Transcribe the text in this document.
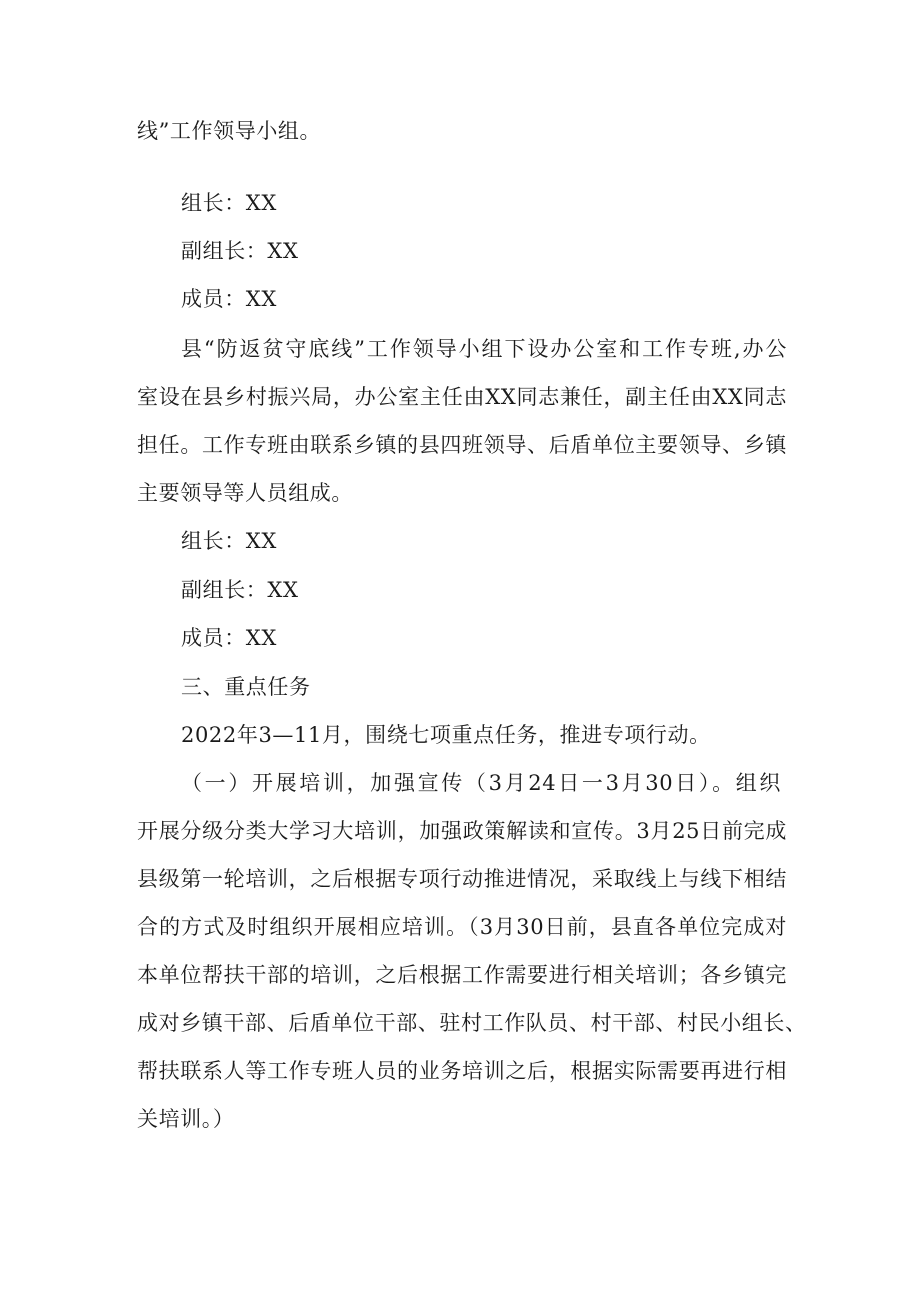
线”工作领导小组。
组长：XX
副组长：XX
成员：XX
县“防返贫守底线”工作领导小组下设办公室和工作专班,办公
室设在县乡村振兴局，办公室主任由XX同志兼任，副主任由XX同志
担任。工作专班由联系乡镇的县四班领导、后盾单位主要领导、乡镇
主要领导等人员组成。
组长：XX
副组长：XX
成员：XX
三、重点任务
2022年3—11月，围绕七项重点任务，推进专项行动。
（一）开展培训，加强宣传（3月24日一3月30日）。组织
开展分级分类大学习大培训，加强政策解读和宣传。3月25日前完成
县级第一轮培训，之后根据专项行动推进情况，采取线上与线下相结
合的方式及时组织开展相应培训。（3月30日前，县直各单位完成对
本单位帮扶干部的培训，之后根据工作需要进行相关培训；各乡镇完
成对乡镇干部、后盾单位干部、驻村工作队员、村干部、村民小组长、
帮扶联系人等工作专班人员的业务培训之后，根据实际需要再进行相
关培训。）
